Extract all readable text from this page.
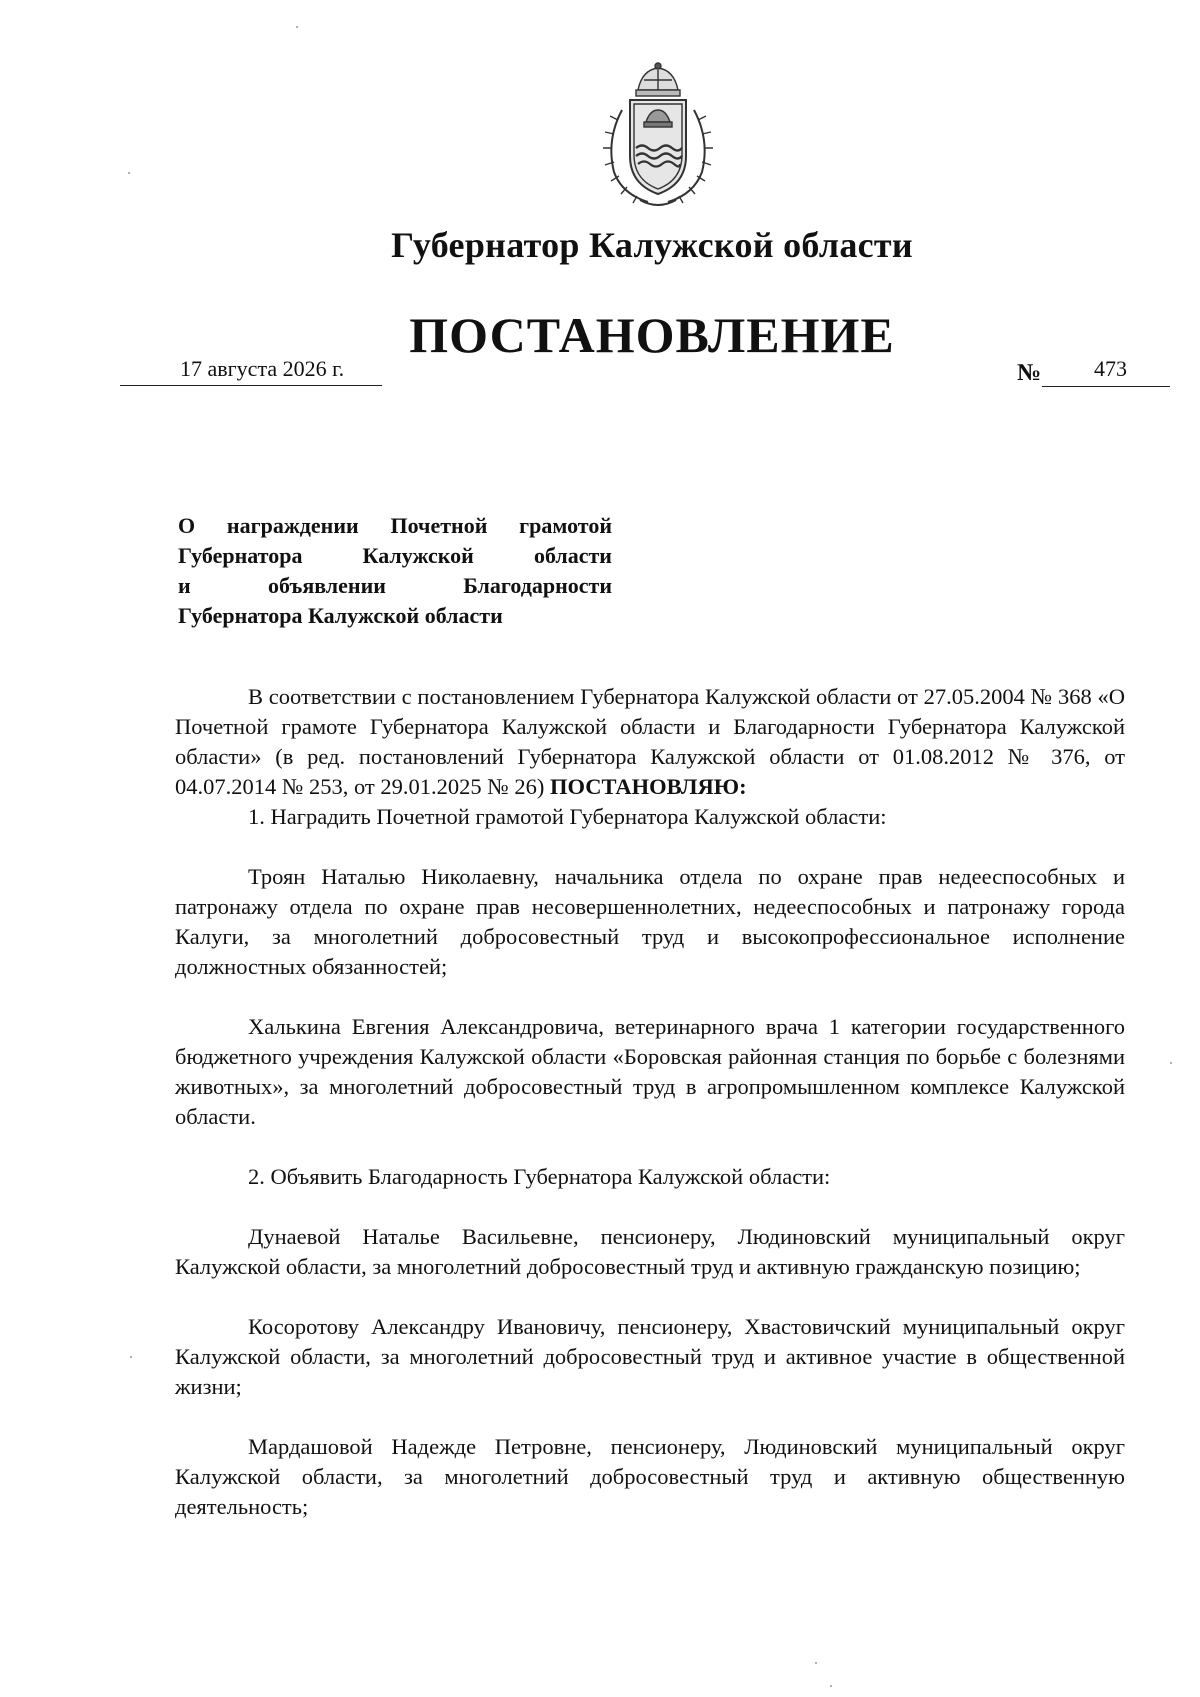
Губернатор Калужской области
ПОСТАНОВЛЕНИЕ
17 августа 2026 г.	№ 473
О награждении Почетной грамотой
Губернатора Калужской области
и объявлении Благодарности
Губернатора Калужской области

В соответствии с постановлением Губернатора Калужской области от 27.05.2004 № 368 «О Почетной грамоте Губернатора Калужской области и Благодарности Губернатора Калужской области» (в ред. постановлений Губернатора Калужской области от 01.08.2012 № 376, от 04.07.2014 № 253, от 29.01.2025 № 26) ПОСТАНОВЛЯЮ:

1. Наградить Почетной грамотой Губернатора Калужской области:

Троян Наталью Николаевну, начальника отдела по охране прав недееспособных и патронажу отдела по охране прав несовершеннолетних, недееспособных и патронажу города Калуги, за многолетний добросовестный труд и высокопрофессиональное исполнение должностных обязанностей;

Халькина Евгения Александровича, ветеринарного врача 1 категории государственного бюджетного учреждения Калужской области «Боровская районная станция по борьбе с болезнями животных», за многолетний добросовестный труд в агропромышленном комплексе Калужской области.

2. Объявить Благодарность Губернатора Калужской области:

Дунаевой Наталье Васильевне, пенсионеру, Людиновский муниципальный округ Калужской области, за многолетний добросовестный труд и активную гражданскую позицию;

Косоротову Александру Ивановичу, пенсионеру, Хвастовичский муниципальный округ Калужской области, за многолетний добросовестный труд и активное участие в общественной жизни;

Мардашовой Надежде Петровне, пенсионеру, Людиновский муниципальный округ Калужской области, за многолетний добросовестный труд и активную общественную деятельность;
